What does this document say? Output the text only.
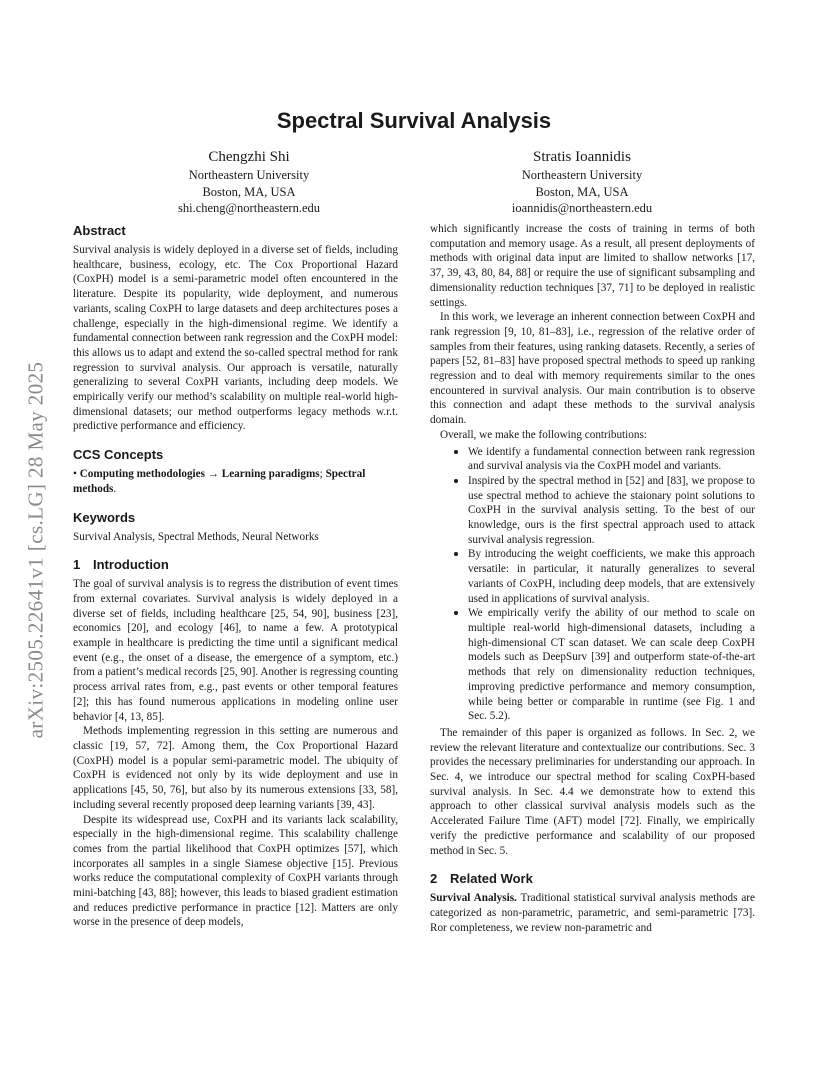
arXiv:2505.22641v1 [cs.LG] 28 May 2025
Spectral Survival Analysis
Chengzhi Shi
Northeastern University
Boston, MA, USA
shi.cheng@northeastern.edu
Stratis Ioannidis
Northeastern University
Boston, MA, USA
ioannidis@northeastern.edu
Abstract

Survival analysis is widely deployed in a diverse set of fields, including healthcare, business, ecology, etc. The Cox Proportional Hazard (CoxPH) model is a semi-parametric model often encountered in the literature. Despite its popularity, wide deployment, and numerous variants, scaling CoxPH to large datasets and deep architectures poses a challenge, especially in the high-dimensional regime. We identify a fundamental connection between rank regression and the CoxPH model: this allows us to adapt and extend the so-called spectral method for rank regression to survival analysis. Our approach is versatile, naturally generalizing to several CoxPH variants, including deep models. We empirically verify our method’s scalability on multiple real-world high-dimensional datasets; our method outperforms legacy methods w.r.t. predictive performance and efficiency.

CCS Concepts

• Computing methodologies → Learning paradigms; Spectral methods.

Keywords

Survival Analysis, Spectral Methods, Neural Networks

1 Introduction

The goal of survival analysis is to regress the distribution of event times from external covariates. Survival analysis is widely deployed in a diverse set of fields, including healthcare [25, 54, 90], business [23], economics [20], and ecology [46], to name a few. A prototypical example in healthcare is predicting the time until a significant medical event (e.g., the onset of a disease, the emergence of a symptom, etc.) from a patient’s medical records [25, 90]. Another is regressing counting process arrival rates from, e.g., past events or other temporal features [2]; this has found numerous applications in modeling online user behavior [4, 13, 85].

Methods implementing regression in this setting are numerous and classic [19, 57, 72]. Among them, the Cox Proportional Hazard (CoxPH) model is a popular semi-parametric model. The ubiquity of CoxPH is evidenced not only by its wide deployment and use in applications [45, 50, 76], but also by its numerous extensions [33, 58], including several recently proposed deep learning variants [39, 43].

Despite its widespread use, CoxPH and its variants lack scalability, especially in the high-dimensional regime. This scalability challenge comes from the partial likelihood that CoxPH optimizes [57], which incorporates all samples in a single Siamese objective [15]. Previous works reduce the computational complexity of CoxPH variants through mini-batching [43, 88]; however, this leads to biased gradient estimation and reduces predictive performance in practice [12]. Matters are only worse in the presence of deep models,

which significantly increase the costs of training in terms of both computation and memory usage. As a result, all present deployments of methods with original data input are limited to shallow networks [17, 37, 39, 43, 80, 84, 88] or require the use of significant subsampling and dimensionality reduction techniques [37, 71] to be deployed in realistic settings.

In this work, we leverage an inherent connection between CoxPH and rank regression [9, 10, 81–83], i.e., regression of the relative order of samples from their features, using ranking datasets. Recently, a series of papers [52, 81–83] have proposed spectral methods to speed up ranking regression and to deal with memory requirements similar to the ones encountered in survival analysis. Our main contribution is to observe this connection and adapt these methods to the survival analysis domain.

Overall, we make the following contributions:

We identify a fundamental connection between rank regression and survival analysis via the CoxPH model and variants.
Inspired by the spectral method in [52] and [83], we propose to use spectral method to achieve the staionary point solutions to CoxPH in the survival analysis setting. To the best of our knowledge, ours is the first spectral approach used to attack survival analysis regression.
By introducing the weight coefficients, we make this approach versatile: in particular, it naturally generalizes to several variants of CoxPH, including deep models, that are extensively used in applications of survival analysis.
We empirically verify the ability of our method to scale on multiple real-world high-dimensional datasets, including a high-dimensional CT scan dataset. We can scale deep CoxPH models such as DeepSurv [39] and outperform state-of-the-art methods that rely on dimensionality reduction techniques, improving predictive performance and memory consumption, while being better or comparable in runtime (see Fig. 1 and Sec. 5.2).

The remainder of this paper is organized as follows. In Sec. 2, we review the relevant literature and contextualize our contributions. Sec. 3 provides the necessary preliminaries for understanding our approach. In Sec. 4, we introduce our spectral method for scaling CoxPH-based survival analysis. In Sec. 4.4 we demonstrate how to extend this approach to other classical survival analysis models such as the Accelerated Failure Time (AFT) model [72]. Finally, we empirically verify the predictive performance and scalability of our proposed method in Sec. 5.

2 Related Work

Survival Analysis. Traditional statistical survival analysis methods are categorized as non-parametric, parametric, and semi-parametric [73]. Ror completeness, we review non-parametric and
